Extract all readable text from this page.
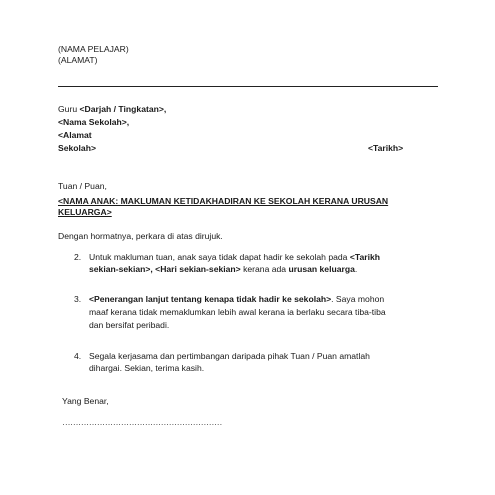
(NAMA PELAJAR)
(ALAMAT)
Guru <Darjah / Tingkatan>,
<Nama Sekolah>,
<Alamat
Sekolah>	<Tarikh>
Tuan / Puan,
<NAMA ANAK: MAKLUMAN KETIDAKHADIRAN KE SEKOLAH KERANA URUSAN
KELUARGA>
Dengan hormatnya, perkara di atas dirujuk.
2. Untuk makluman tuan, anak saya tidak dapat hadir ke sekolah pada <Tarikh
sekian-sekian>, <Hari sekian-sekian> kerana ada urusan keluarga.
3. <Penerangan lanjut tentang kenapa tidak hadir ke sekolah>. Saya mohon
maaf kerana tidak memaklumkan lebih awal kerana ia berlaku secara tiba-tiba
dan bersifat peribadi.
4. Segala kerjasama dan pertimbangan daripada pihak Tuan / Puan amatlah
dihargai. Sekian, terima kasih.
Yang Benar,
……………………………………………………
